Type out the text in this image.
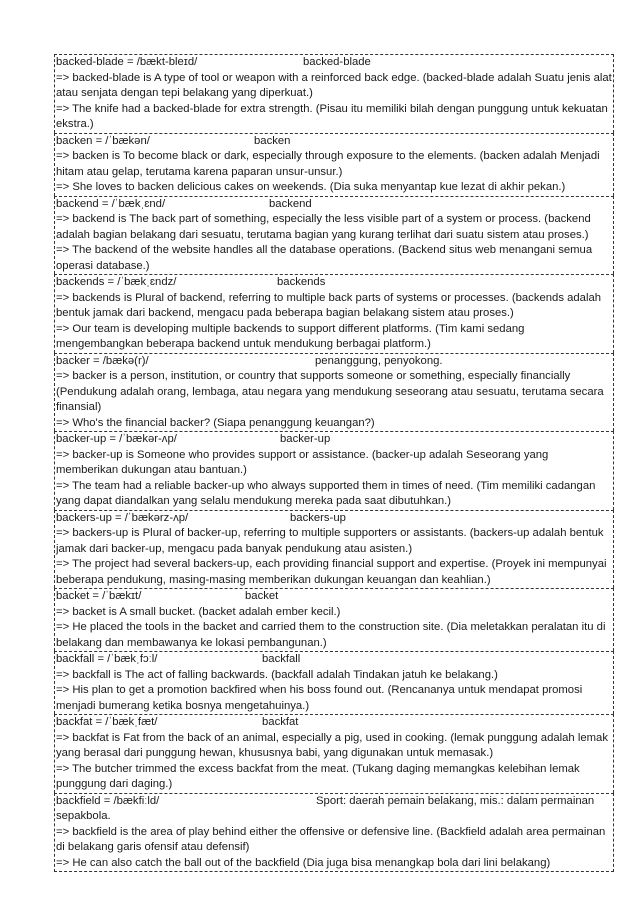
backed-blade = /bækt-bleɪd/	backed-blade

=> backed-blade is A type of tool or weapon with a reinforced back edge. (backed-blade adalah Suatu jenis alat atau senjata dengan tepi belakang yang diperkuat.)

=> The knife had a backed-blade for extra strength. (Pisau itu memiliki bilah dengan punggung untuk kekuatan ekstra.)

backen = /ˈbækən/	backen

=> backen is To become black or dark, especially through exposure to the elements. (backen adalah Menjadi hitam atau gelap, terutama karena paparan unsur-unsur.)

=> She loves to backen delicious cakes on weekends. (Dia suka menyantap kue lezat di akhir pekan.)

backend = /ˈbækˌɛnd/	backend

=> backend is The back part of something, especially the less visible part of a system or process. (backend adalah bagian belakang dari sesuatu, terutama bagian yang kurang terlihat dari suatu sistem atau proses.)

=> The backend of the website handles all the database operations. (Backend situs web menangani semua operasi database.)

backends = /ˈbækˌɛndz/	backends

=> backends is Plural of backend, referring to multiple back parts of systems or processes. (backends adalah bentuk jamak dari backend, mengacu pada beberapa bagian belakang sistem atau proses.)

=> Our team is developing multiple backends to support different platforms. (Tim kami sedang mengembangkan beberapa backend untuk mendukung berbagai platform.)

backer = /bækə(r)/	penanggung, penyokong.

=> backer is a person, institution, or country that supports someone or something, especially financially (Pendukung adalah orang, lembaga, atau negara yang mendukung seseorang atau sesuatu, terutama secara finansial)

=> Who's the financial backer? (Siapa penanggung keuangan?)

backer-up = /ˈbækər-ʌp/	backer-up

=> backer-up is Someone who provides support or assistance. (backer-up adalah Seseorang yang memberikan dukungan atau bantuan.)

=> The team had a reliable backer-up who always supported them in times of need. (Tim memiliki cadangan yang dapat diandalkan yang selalu mendukung mereka pada saat dibutuhkan.)

backers-up = /ˈbækərz-ʌp/	backers-up

=> backers-up is Plural of backer-up, referring to multiple supporters or assistants. (backers-up adalah bentuk jamak dari backer-up, mengacu pada banyak pendukung atau asisten.)

=> The project had several backers-up, each providing financial support and expertise. (Proyek ini mempunyai beberapa pendukung, masing-masing memberikan dukungan keuangan dan keahlian.)

backet = /ˈbækɪt/	backet

=> backet is A small bucket. (backet adalah ember kecil.)

=> He placed the tools in the backet and carried them to the construction site. (Dia meletakkan peralatan itu di belakang dan membawanya ke lokasi pembangunan.)

backfall = /ˈbækˌfɔːl/	backfall

=> backfall is The act of falling backwards. (backfall adalah Tindakan jatuh ke belakang.)

=> His plan to get a promotion backfired when his boss found out. (Rencananya untuk mendapat promosi menjadi bumerang ketika bosnya mengetahuinya.)

backfat = /ˈbækˌfæt/	backfat

=> backfat is Fat from the back of an animal, especially a pig, used in cooking. (lemak punggung adalah lemak yang berasal dari punggung hewan, khususnya babi, yang digunakan untuk memasak.)

=> The butcher trimmed the excess backfat from the meat. (Tukang daging memangkas kelebihan lemak punggung dari daging.)

backfield = /bækfiːld/	Sport: daerah pemain belakang, mis.: dalam permainan sepakbola.

=> backfield is the area of play behind either the offensive or defensive line. (Backfield adalah area permainan di belakang garis ofensif atau defensif)

=> He can also catch the ball out of the backfield (Dia juga bisa menangkap bola dari lini belakang)
